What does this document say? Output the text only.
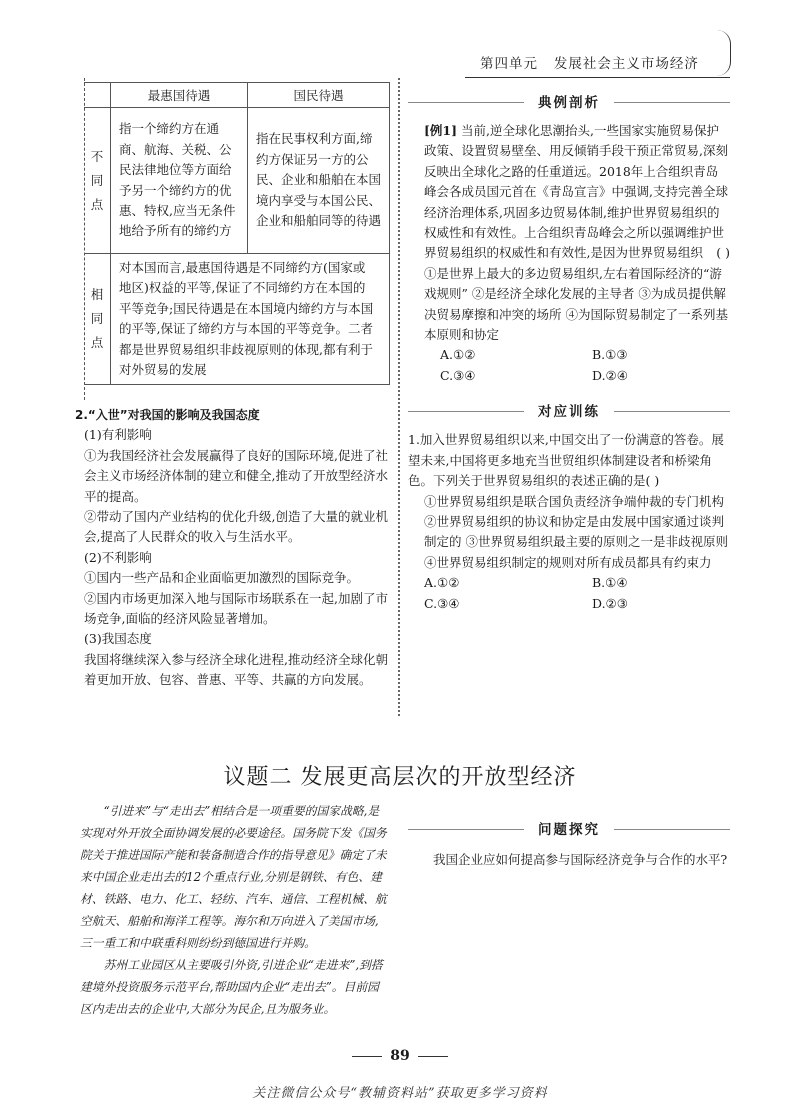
第四单元 发展社会主义市场经济
	最惠国待遇	国民待遇

不同点	指一个缔约方在通商、航海、关税、公民法律地位等方面给予另一个缔约方的优惠、特权,应当无条件地给予所有的缔约方	指在民事权利方面,缔约方保证另一方的公民、企业和船舶在本国境内享受与本国公民、企业和船舶同等的待遇

相同点	对本国而言,最惠国待遇是不同缔约方(国家或地区)权益的平等,保证了不同缔约方在本国的平等竞争;国民待遇是在本国境内缔约方与本国的平等,保证了缔约方与本国的平等竞争。二者都是世界贸易组织非歧视原则的体现,都有利于对外贸易的发展	

2.“入世”对我国的影响及我国态度

(1)有利影响

①为我国经济社会发展赢得了良好的国际环境,促进了社会主义市场经济体制的建立和健全,推动了开放型经济水平的提高。

②带动了国内产业结构的优化升级,创造了大量的就业机会,提高了人民群众的收入与生活水平。

(2)不利影响

①国内一些产品和企业面临更加激烈的国际竞争。

②国内市场更加深入地与国际市场联系在一起,加剧了市场竞争,面临的经济风险显著增加。

(3)我国态度

我国将继续深入参与经济全球化进程,推动经济全球化朝着更加开放、包容、普惠、平等、共赢的方向发展。

典例剖析

[例1] 当前,逆全球化思潮抬头,一些国家实施贸易保护政策、设置贸易壁垒、用反倾销手段干预正常贸易,深刻反映出全球化之路的任重道远。2018年上合组织青岛峰会各成员国元首在《青岛宣言》中强调,支持完善全球经济治理体系,巩固多边贸易体制,维护世界贸易组织的权威性和有效性。上合组织青岛峰会之所以强调维护世界贸易组织的权威性和有效性,是因为世界贸易组织 ( )

①是世界上最大的多边贸易组织,左右着国际经济的“游戏规则” ②是经济全球化发展的主导者 ③为成员提供解决贸易摩擦和冲突的场所 ④为国际贸易制定了一系列基本原则和协定

A.①②	B.①③
C.③④	D.②④
对应训练

1.加入世界贸易组织以来,中国交出了一份满意的答卷。展望未来,中国将更多地充当世贸组织体制建设者和桥梁角色。下列关于世界贸易组织的表述正确的是( )

①世界贸易组织是联合国负责经济争端仲裁的专门机构 ②世界贸易组织的协议和协定是由发展中国家通过谈判制定的 ③世界贸易组织最主要的原则之一是非歧视原则 ④世界贸易组织制定的规则对所有成员都具有约束力

A.①②	B.①④
C.③④	D.②③
议题二 发展更高层次的开放型经济

“引进来”与“走出去”相结合是一项重要的国家战略,是实现对外开放全面协调发展的必要途径。国务院下发《国务院关于推进国际产能和装备制造合作的指导意见》确定了未来中国企业走出去的12个重点行业,分别是钢铁、有色、建材、铁路、电力、化工、轻纺、汽车、通信、工程机械、航空航天、船舶和海洋工程等。海尔和万向进入了美国市场,三一重工和中联重科则纷纷到德国进行并购。

苏州工业园区从主要吸引外资,引进企业“走进来”,到搭建境外投资服务示范平台,帮助国内企业“走出去”。目前园区内走出去的企业中,大部分为民企,且为服务业。

问题探究

我国企业应如何提高参与国际经济竞争与合作的水平?

89
关注微信公众号“教辅资料站”获取更多学习资料
